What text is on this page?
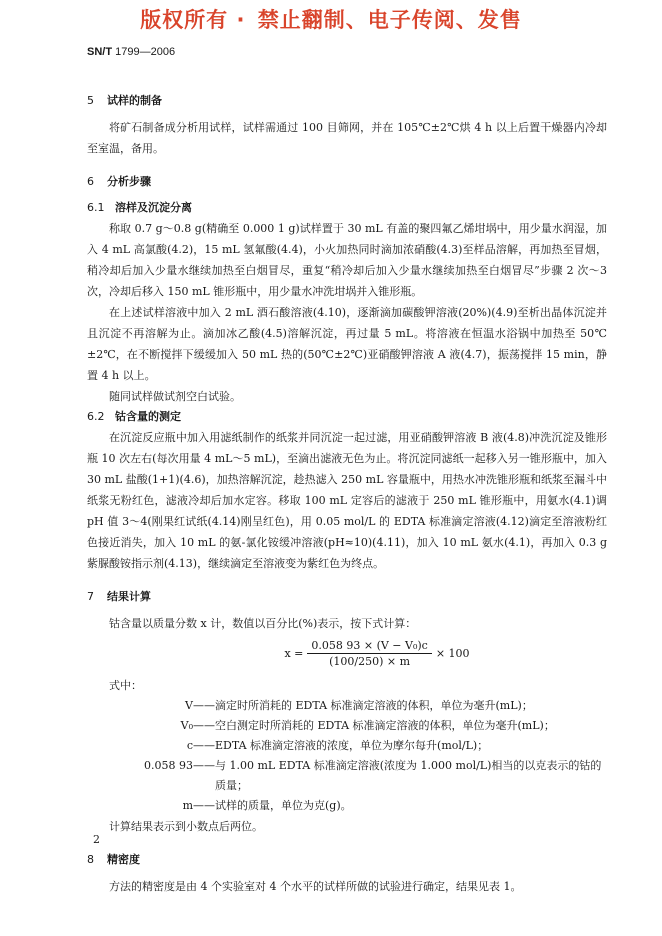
版权所有 · 禁止翻制、电子传阅、发售
SN/T 1799—2006

5 试样的制备

将矿石制备成分析用试样，试样需通过 100 目筛网，并在 105℃±2℃烘 4 h 以上后置干燥器内冷却至室温，备用。

6 分析步骤

6.1 溶样及沉淀分离

称取 0.7 g～0.8 g(精确至 0.000 1 g)试样置于 30 mL 有盖的聚四氟乙烯坩埚中，用少量水润湿，加入 4 mL 高氯酸(4.2)，15 mL 氢氟酸(4.4)，小火加热同时滴加浓硝酸(4.3)至样品溶解，再加热至冒烟，稍冷却后加入少量水继续加热至白烟冒尽，重复“稍冷却后加入少量水继续加热至白烟冒尽”步骤 2 次～3 次，冷却后移入 150 mL 锥形瓶中，用少量水冲洗坩埚并入锥形瓶。

在上述试样溶液中加入 2 mL 酒石酸溶液(4.10)，逐渐滴加碳酸钾溶液(20%)(4.9)至析出晶体沉淀并且沉淀不再溶解为止。滴加冰乙酸(4.5)溶解沉淀，再过量 5 mL。将溶液在恒温水浴锅中加热至 50℃±2℃，在不断搅拌下缓缓加入 50 mL 热的(50℃±2℃)亚硝酸钾溶液 A 液(4.7)，振荡搅拌 15 min，静置 4 h 以上。

随同试样做试剂空白试验。

6.2 钴含量的测定

在沉淀反应瓶中加入用滤纸制作的纸浆并同沉淀一起过滤，用亚硝酸钾溶液 B 液(4.8)冲洗沉淀及锥形瓶 10 次左右(每次用量 4 mL～5 mL)，至滴出滤液无色为止。将沉淀同滤纸一起移入另一锥形瓶中，加入 30 mL 盐酸(1+1)(4.6)，加热溶解沉淀，趁热滤入 250 mL 容量瓶中，用热水冲洗锥形瓶和纸浆至漏斗中纸浆无粉红色，滤液冷却后加水定容。移取 100 mL 定容后的滤液于 250 mL 锥形瓶中，用氨水(4.1)调 pH 值 3～4(刚果红试纸(4.14)刚呈红色)，用 0.05 mol/L 的 EDTA 标准滴定溶液(4.12)滴定至溶液粉红色接近消失，加入 10 mL 的氨-氯化铵缓冲溶液(pH≈10)(4.11)，加入 10 mL 氨水(4.1)，再加入 0.3 g 紫脲酸铵指示剂(4.13)，继续滴定至溶液变为紫红色为终点。

7 结果计算

钴含量以质量分数 x 计，数值以百分比(%)表示，按下式计算：

$x = \frac{\text{0.058 93 × (V − V₀)c}}{(100/250) \times m} \times 100$

式中：

V—— 滴定时所消耗的 EDTA 标准滴定溶液的体积，单位为毫升(mL)；
V₀—— 空白测定时所消耗的 EDTA 标准滴定溶液的体积，单位为毫升(mL)；
c—— EDTA 标准滴定溶液的浓度，单位为摩尔每升(mol/L)；
0.058 93—— 与 1.00 mL EDTA 标准滴定溶液(浓度为 1.000 mol/L)相当的以克表示的钴的质量；
m—— 试样的质量，单位为克(g)。

计算结果表示到小数点后两位。

8 精密度

方法的精密度是由 4 个实验室对 4 个水平的试样所做的试验进行确定，结果见表 1。

2
